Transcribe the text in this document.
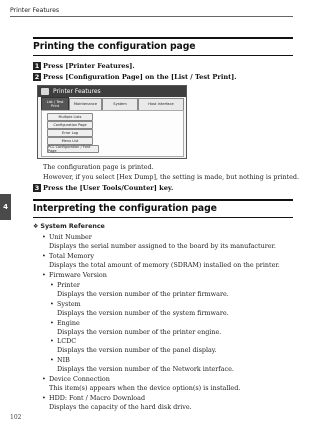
Printer Features
4
Printing the configuration page
1 Press [Printer Features].
2 Press [Configuration Page] on the [List / Test Print].
Printer Features
List / Test Print	Maintenance	System	Host Interface
Multiple Lists
Configuration Page
Error Log
Menu List
PCL Configuration / Font Page
The configuration page is printed.
However, if you select [Hex Dump], the setting is made, but nothing is printed.
3 Press the [User Tools/Counter] key.
Interpreting the configuration page
❖ System Reference
• Unit Number
Displays the serial number assigned to the board by its manufacturer.
• Total Memory
Displays the total amount of memory (SDRAM) installed on the printer.
• Firmware Version
• Printer
Displays the version number of the printer firmware.
• System
Displays the version number of the system firmware.
• Engine
Displays the version number of the printer engine.
• LCDC
Displays the version number of the panel display.
• NIB
Displays the version number of the Network interface.
• Device Connection
This item(s) appears when the device option(s) is installed.
• HDD: Font / Macro Download
Displays the capacity of the hard disk drive.
102
